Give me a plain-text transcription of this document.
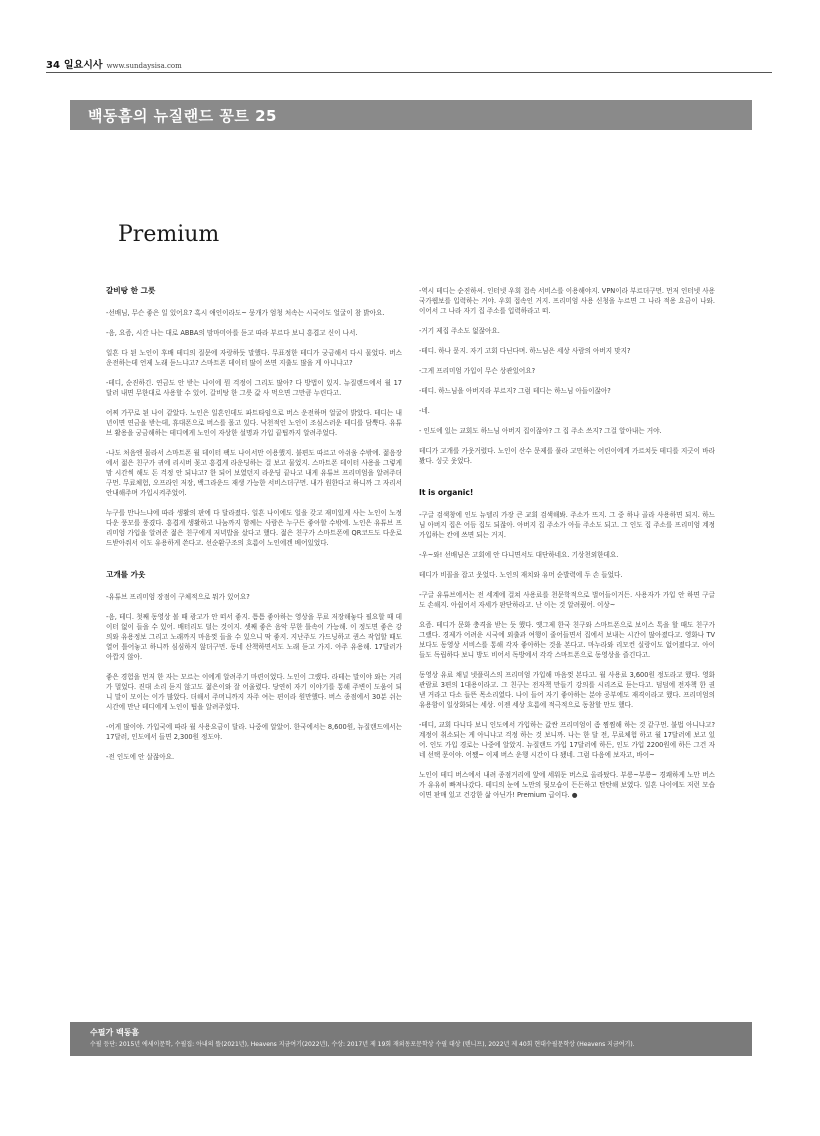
34 일요시사 www.sundaysisa.com
백동흠의 뉴질랜드 꽁트 25
Premium
갈비탕 한 그릇

-선배님, 무슨 좋은 일 있어요? 혹시 애인이라도~ 뭉개가 엄청 처속는 시국이도 얼굴이 참 밝아요.

-음, 요즘, 시간 나는 대로 ABBA의 맘마미아를 듣고 따라 부르다 보니 흥겹고 신이 나서.

일흔 다 된 노인이 후배 테디의 질문에 자랑하듯 말했다. 무표정한 테디가 궁금해서 다시 물었다. 버스 운전하는데 언제 노래 듣느냐고? 스마트폰 데이터 많이 쓰면 지출도 많을 게 아니냐고?

-테디, 순진하긴. 연금도 안 받는 나이에 뭔 걱정이 그리도 많아? 다 방법이 있지. 뉴질랜드에서 월 17 달러 내면 무한대로 사용할 수 있어. 갈비탕 한 그릇 값 사 먹으면 그만큼 누린다고.

어찌 가꾸로 된 나이 같았다. 노인은 일흔인데도 파트타임으로 버스 운전하며 얼굴이 밝았다. 테디는 내년이면 연금을 받는데, 휴대폰으로 버스를 몰고 있다. 낙천적인 노인이 조심스러운 테디를 담뿍다. 유튜브 활용을 궁금해하는 테디에게 노인이 자상한 설명과 가입 끝팁까지 알려주었다.

-나도 처음엔 몰라서 스마트폰 월 데이터 팩도 나이서만 이용했지. 불편도 따르고 아쉬움 수밖에. 젊음장에서 젊은 친구가 귀에 리시버 꽂고 흥겹게 라운딩하는 걸 보고 물었지. 스마트폰 데이터 사용을 그렇게 맘 시간씩 해도 돈 걱정 안 되냐고? 한 되어 보였던지 라운딩 끝나고 내게 유튜브 프리미엄을 알려주더구먼. 무료체험, 오프라인 저장, 백그라운드 재생 가능한 서비스더구먼. 내가 원한다고 하니까 그 자리서 안내해주며 가입시켜주었어.

누구를 만나느냐에 따라 생활의 판에 다 달라졌다. 일흔 나이에도 일을 갖고 재미있게 사는 노인이 노정다운 풍모를 풍겼다. 흥겹게 생활하고 나눔까지 함께는 사람은 누구든 좋아할 수밖에. 노인은 유튜브 프리미엄 가입을 알려준 젊은 친구에게 저녁밥을 샀다고 했다. 젊은 친구가 스마트폰에 QR코드도 다운로드받아줘서 이도 유용하게 쓴다고. 선순환구조의 흐름이 노인에겐 베어있었다.

고개를 가웃

-유튜브 프리미엄 장점이 구체적으로 뭐가 있어요?

-음, 테디. 첫째 동영상 볼 때 광고가 안 떠서 좋지. 틈틈 좋아하는 영상을 무료 저장해놓다 필요할 때 데이터 없이 들을 수 있어. 배터리도 덜는 것이지. 셋째 좋은 음악 무한 틀속이 가능해. 이 정도면 좋은 강의와 유용정보 그리고 노래까지 마음껏 들을 수 있으니 딱 좋지. 지난주도 가드닝하고 퀸스 작업할 때도 열어 틀어놓고 하니까 심심하지 않더구먼. 동네 산책하면서도 노래 듣고 가지. 아주 유용해. 17달러가 아깝지 않아.

좋은 경험을 먼저 한 자는 모르는 이에게 알려주기 마련이었다. 노인이 그랬다. 라테는 말이야 와는 거리가 멀었다. 진대 소리 듣지 않고도 젊은이와 잘 어울렸다. 당연히 자기 이야기를 통해 주변이 도움이 되니 말이 모이는 이가 많았다. 더해서 주머니까지 자주 여는 편이라 원만했다. 버스 종점에서 30분 쉬는 시간에 만난 테디에게 노인이 팁을 알려주었다.

-어게 많이야. 가입국에 따라 월 사용요금이 달라. 나중에 알았어. 한국에서는 8,600원, 뉴질랜드에서는 17달러, 인도에서 들면 2,300원 정도야.

-전 인도에 안 살잖아요.

-역시 테디는 순진하셔. 인터넷 우회 접속 서비스를 이용해야지. VPN이라 부르더구먼. 먼저 인터넷 사용국가웹보를 입력하는 거야. 우회 접속인 거지. 프리미엄 사용 신청을 누르면 그 나라 적용 요금이 나와. 이어서 그 나라 자기 집 주소를 입력하라고 떠.

-거기 제집 주소도 없잖아요.

-테디. 하나 묻지. 자기 고회 다닌다며. 하느님은 세상 사람의 아버지 맞지?

-그게 프리미엄 가입이 무슨 상관있어요?

-테디. 하느님을 아버지라 부르지? 그럼 테디는 하느님 아들이잖아?

-네.

- 인도에 있는 교회도 하느님 아버지 집이잖아? 그 집 주소 쓰지? 그걸 알아내는 거야.

테디가 고개를 가웃거렸다. 노인이 산수 문제를 풀라 고민하는 어린이에게 가르치듯 테디를 지긋이 바라봤다. 싱긋 웃었다.

It is organic!

-구글 검색창에 인도 뉴델리 가장 큰 교회 검색해봐. 주소가 뜨지. 그 중 하나 골라 사용하면 되지. 하느님 아버지 집은 어듬 집도 되잖아. 아버지 집 주소가 아들 주소도 되고. 그 인도 집 주소를 프리미엄 계정 가입하는 칸에 쓰면 되는 거지.

-우~와! 선배님은 고회에 안 다니면서도 대단하네요. 기상천외한데요.

테디가 비꼴을 잡고 웃었다. 노인의 재치와 유머 순발력에 두 손 들었다.

-구글 유튜브에서는 전 세계에 걸쳐 사용료를 천문학적으로 벌어들이거든. 사용자가 가입 안 하면 구글도 손해지. 아쉽어서 자세가 판단하라고. 난 이는 것 알려줬어. 이상~

요즘. 테디가 문화 충격을 받는 듯 했다. 옛그제 한국 친구와 스마트폰으로 보이스 톡을 할 때도 친구가 그랬다. 경제가 어려운 시국에 외출과 여행이 줄어들면서 집에서 보내는 시간이 많아졌다고. 영화나 TV 보다도 동영상 서비스를 통해 각자 좋아하는 것을 본다고. 마누라와 리모컨 실랑이도 없어졌다고. 아이들도 독립하다 보니 방도 비어서 독방에서 각각 스마트폰으로 동영상을 즐긴다고.

동영상 유료 채널 넷플릭스의 프리미엄 가입해 마음껏 본다고. 월 사용료 3,600원 정도라고 했다. 영화 관람료 3편의 1대용이라고. 그 친구는 전자책 만들기 강의를 시리즈로 듣는다고. 덤덤에 전자책 한 권 낸 거라고 다소 들뜬 목소리였다. 나이 들어 자기 좋아하는 분야 공부에도 재격이라고 했다. 프리미엄의 유용함이 일상화되는 세상. 이젠 세상 흐름에 적극적으로 동참할 만도 했다.

-테디, 교회 다니다 보니 인도에서 가입하는 값싼 프리미엄이 좀 찜찜해 하는 것 같구먼. 불법 아니냐고? 계정이 취소되는 게 아니냐고 걱정 하는 것 보니까. 나는 한 달 전, 무료체험 하고 월 17달러에 보고 있어. 인도 가입 경로는 나중에 알았지. 뉴질랜드 가입 17달러에 하든, 인도 가입 2200원에 하든 그건 자네 선택 문이야. 어쨌~ 이제 버스 운행 시간이 다 됐네. 그럼 다음에 보자고, 바이~

노인이 테디 버스에서 내려 종점거리에 앞에 세워둔 버스로 올라탔다. 부릉~부릉~ 경쾌하게 노만 버스가 유유히 빠져나갔다. 테디의 눈에 노만의 뒷모습이 든든하고 탄탄해 보였다. 일흔 나이에도 저런 모습이면 판매 있고 건강한 삶 아닌가! Premium 급이다. ●

수필가 백동흠
수필 등단: 2015년 에세이문학, 수필집: 아내의 뜰(2021년), Heavens 지금여기(2022년), 수상: 2017년 제 19회 재외동포문학상 수필 대상 (텐니프), 2022년 제 40회 현대수필문학상 (Heavens 지금여기).
